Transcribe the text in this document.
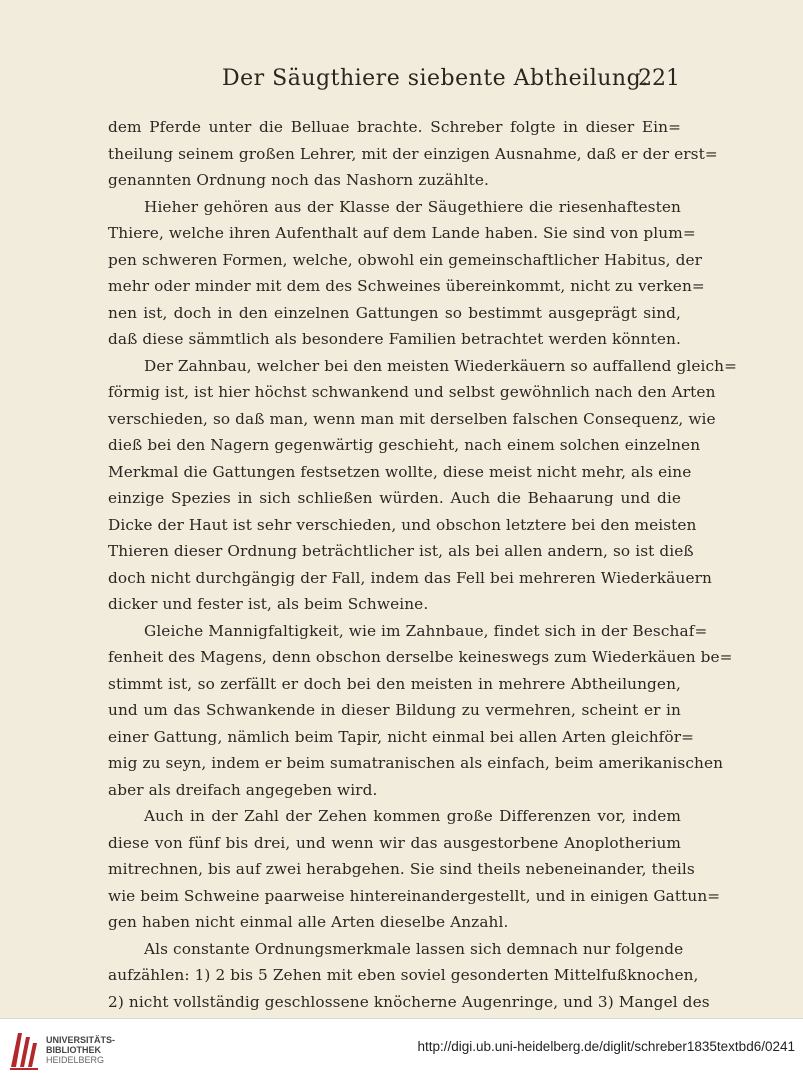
Der Säugthiere siebente Abtheilung.
221
dem Pferde unter die Belluae brachte. Schreber folgte in dieser Ein=
theilung seinem großen Lehrer, mit der einzigen Ausnahme, daß er der erst=
genannten Ordnung noch das Nashorn zuzählte.
Hieher gehören aus der Klasse der Säugethiere die riesenhaftesten
Thiere, welche ihren Aufenthalt auf dem Lande haben. Sie sind von plum=
pen schweren Formen, welche, obwohl ein gemeinschaftlicher Habitus, der
mehr oder minder mit dem des Schweines übereinkommt, nicht zu verken=
nen ist, doch in den einzelnen Gattungen so bestimmt ausgeprägt sind,
daß diese sämmtlich als besondere Familien betrachtet werden könnten.
Der Zahnbau, welcher bei den meisten Wiederkäuern so auffallend gleich=
förmig ist, ist hier höchst schwankend und selbst gewöhnlich nach den Arten
verschieden, so daß man, wenn man mit derselben falschen Consequenz, wie
dieß bei den Nagern gegenwärtig geschieht, nach einem solchen einzelnen
Merkmal die Gattungen festsetzen wollte, diese meist nicht mehr, als eine
einzige Spezies in sich schließen würden. Auch die Behaarung und die
Dicke der Haut ist sehr verschieden, und obschon letztere bei den meisten
Thieren dieser Ordnung beträchtlicher ist, als bei allen andern, so ist dieß
doch nicht durchgängig der Fall, indem das Fell bei mehreren Wiederkäuern
dicker und fester ist, als beim Schweine.
Gleiche Mannigfaltigkeit, wie im Zahnbaue, findet sich in der Beschaf=
fenheit des Magens, denn obschon derselbe keineswegs zum Wiederkäuen be=
stimmt ist, so zerfällt er doch bei den meisten in mehrere Abtheilungen,
und um das Schwankende in dieser Bildung zu vermehren, scheint er in
einer Gattung, nämlich beim Tapir, nicht einmal bei allen Arten gleichför=
mig zu seyn, indem er beim sumatranischen als einfach, beim amerikanischen
aber als dreifach angegeben wird.
Auch in der Zahl der Zehen kommen große Differenzen vor, indem
diese von fünf bis drei, und wenn wir das ausgestorbene Anoplotherium
mitrechnen, bis auf zwei herabgehen. Sie sind theils nebeneinander, theils
wie beim Schweine paarweise hintereinandergestellt, und in einigen Gattun=
gen haben nicht einmal alle Arten dieselbe Anzahl.
Als constante Ordnungsmerkmale lassen sich demnach nur folgende
aufzählen: 1) 2 bis 5 Zehen mit eben soviel gesonderten Mittelfußknochen,
2) nicht vollständig geschlossene knöcherne Augenringe, und 3) Mangel des
UNIVERSITÄTS-
BIBLIOTHEK
HEIDELBERG
http://digi.ub.uni-heidelberg.de/diglit/schreber1835textbd6/0241
